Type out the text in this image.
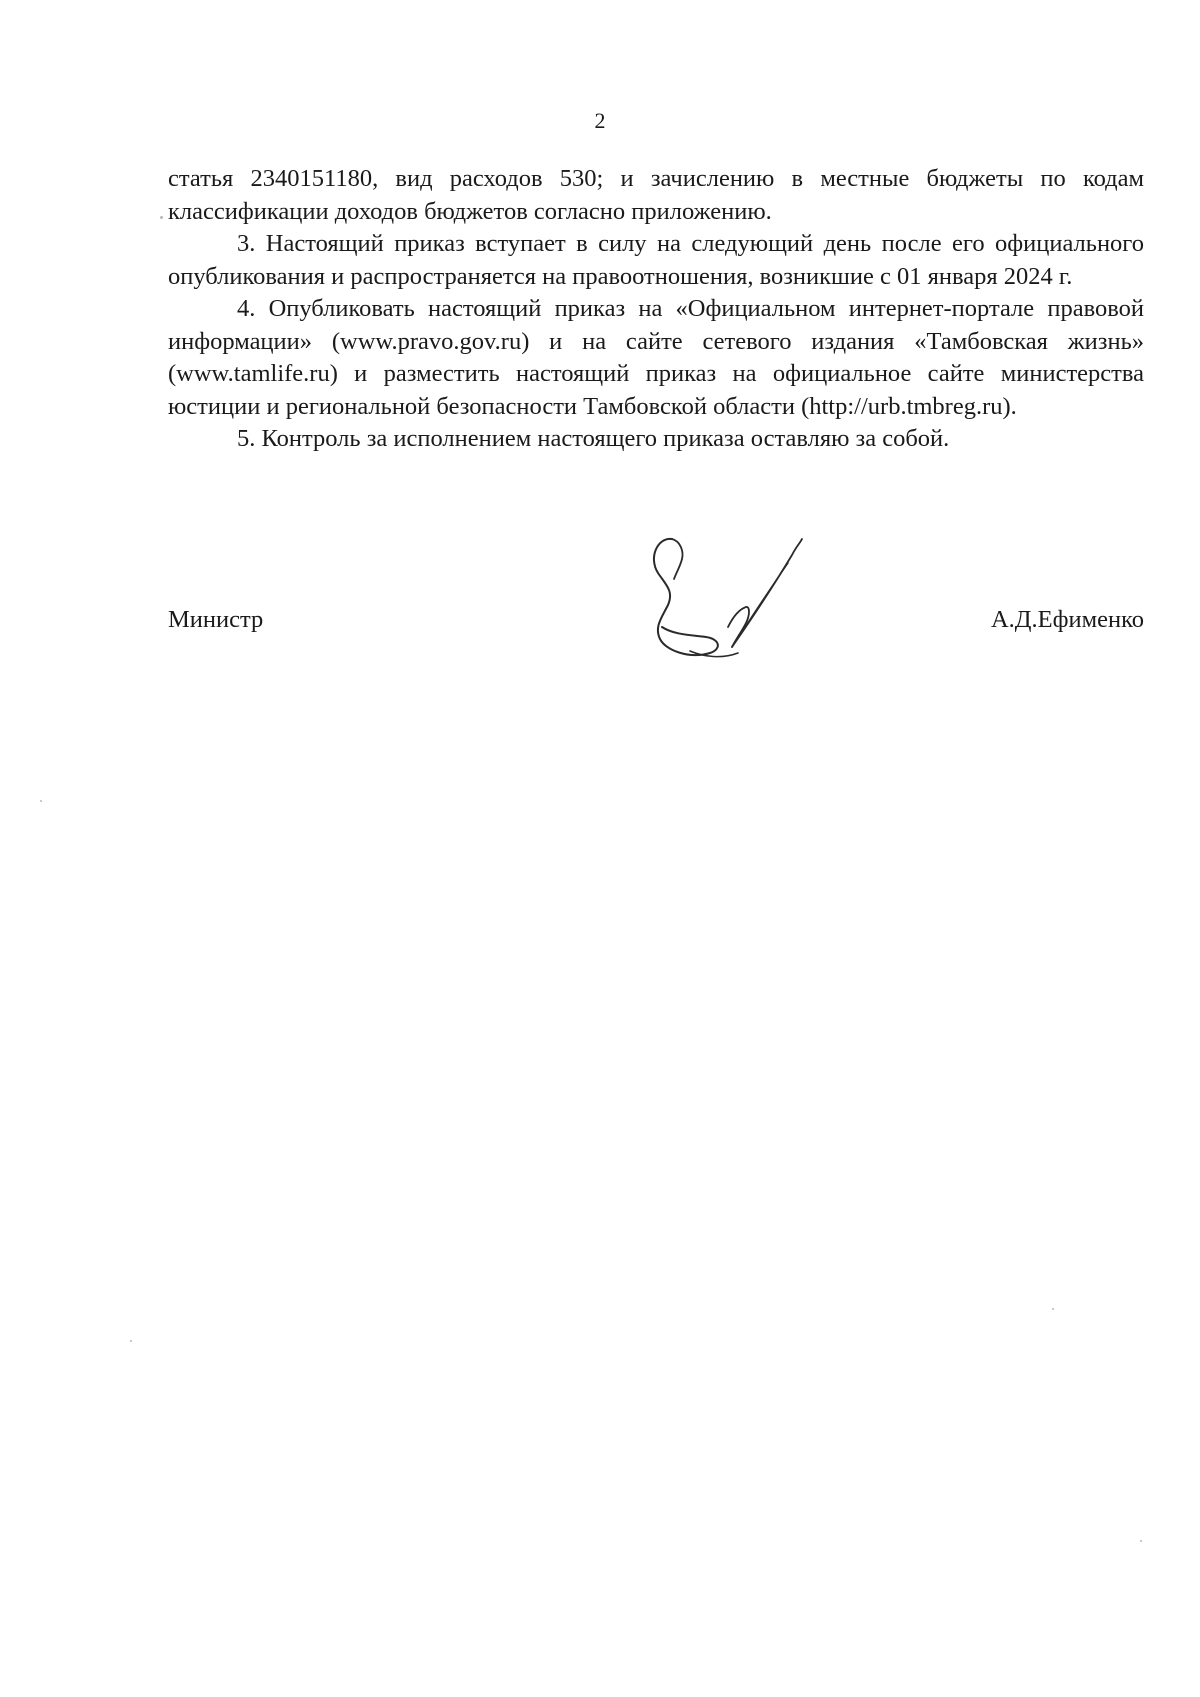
2

статья 2340151180, вид расходов 530; и зачислению в местные бюджеты по кодам классификации доходов бюджетов согласно приложению.

3. Настоящий приказ вступает в силу на следующий день после его официального опубликования и распространяется на правоотношения, возникшие с 01 января 2024 г.

4. Опубликовать настоящий приказ на «Официальном интернет-портале правовой информации» (www.pravo.gov.ru) и на сайте сетевого издания «Тамбовская жизнь» (www.tamlife.ru) и разместить настоящий приказ на официальное сайте министерства юстиции и региональной безопасности Тамбовской области (http://urb.tmbreg.ru).

5. Контроль за исполнением настоящего приказа оставляю за собой.

Министр	А.Д.Ефименко
